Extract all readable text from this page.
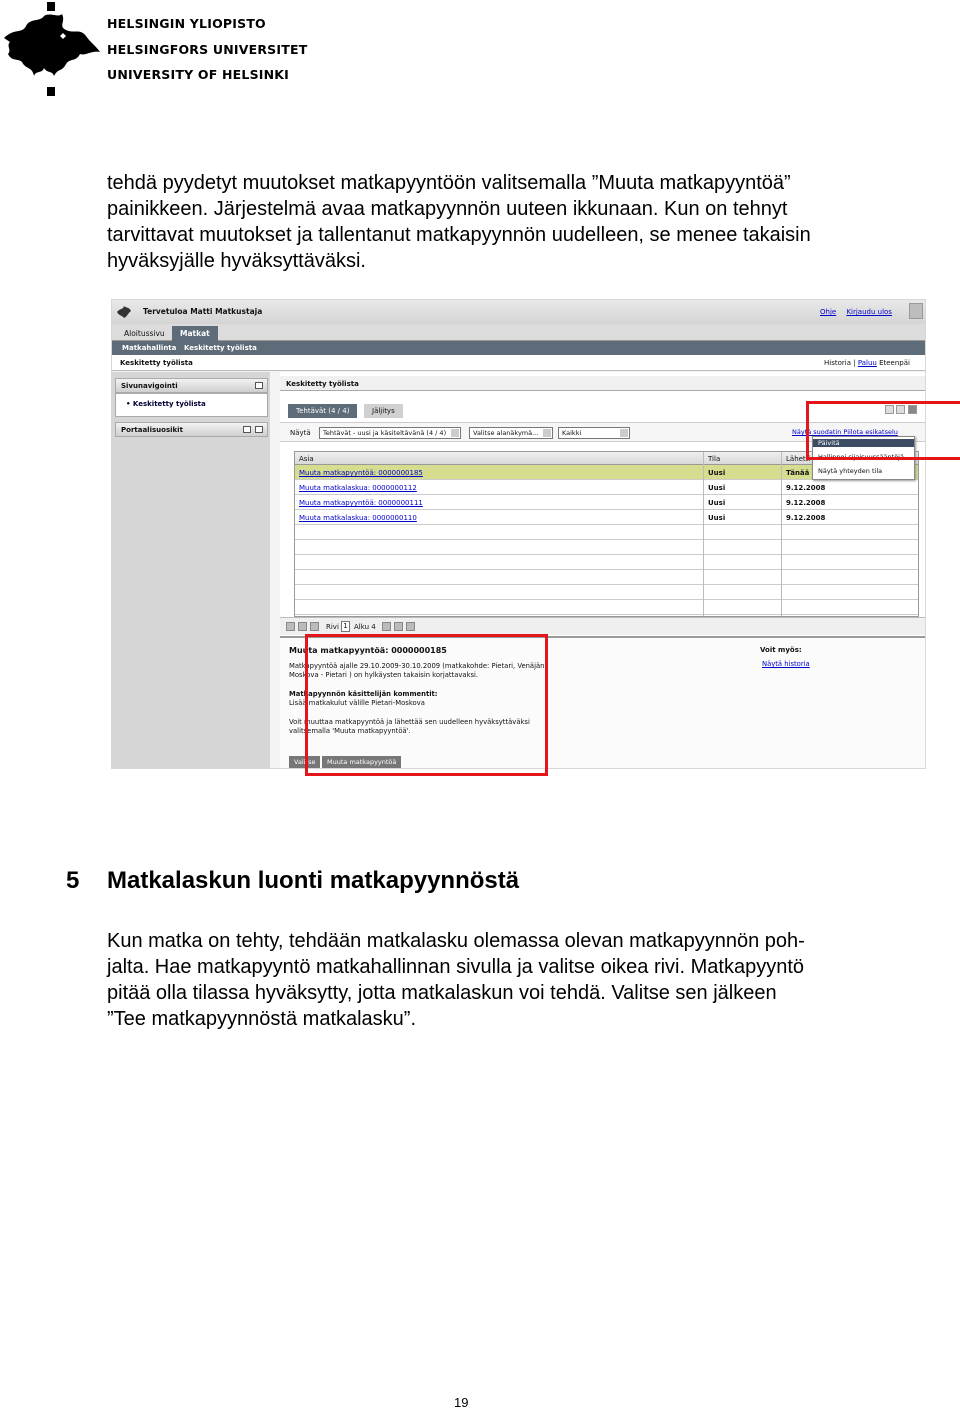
HELSINGIN YLIOPISTO
HELSINGFORS UNIVERSITET
UNIVERSITY OF HELSINKI
tehdä pyydetyt muutokset matkapyyntöön valitsemalla ”Muuta matkapyyntöä”
painikkeen. Järjestelmä avaa matkapyynnön uuteen ikkunaan. Kun on tehnyt
tarvittavat muutokset ja tallentanut matkapyynnön uudelleen, se menee takaisin
hyväksyjälle hyväksyttäväksi.
Tervetuloa Matti Matkustaja	Ohje Kirjaudu ulos
Aloitussivu	Matkat
Matkahallinta Keskitetty työlista
Keskitetty työlista	Historia | Paluu Eteenpäi
Sivunavigointi
• Keskitetty työlista
Portaalisuosikit
Keskitetty työlista
Tehtävät (4 / 4)	Jäljitys
Näytä	Tehtävät - uusi ja käsiteltävänä (4 / 4)	Valitse alanäkymä...	Kaikki	Näytä suodatin Piilota esikatselu
Asia	Tila	Lähetti
Muuta matkapyyntöä: 0000000185	Uusi	Tänää
Muuta matkalaskua: 0000000112	Uusi	9.12.2008
Muuta matkapyyntöä: 0000000111	Uusi	9.12.2008
Muuta matkalaskua: 0000000110	Uusi	9.12.2008
Rivi 1 Alku 4
Muuta matkapyyntöä: 0000000185
Matkapyyntöä ajalle 29.10.2009-30.10.2009 (matkakohde: Pietari, Venäjän
Moskova - Pietari ) on hylkäysten takaisin korjattavaksi.
Matkapyynnön käsittelijän kommentit:
Lisää matkakulut välille Pietari-Moskova
Voit muuttaa matkapyyntöä ja lähettää sen uudelleen hyväksyttäväksi
valitsemalla 'Muuta matkapyyntöä'.
Voit myös:
Näytä historia
Valitse	Muuta matkapyyntöä
Päivitä
Hallinnoi sijaisuussääntöjä
Näytä yhteyden tila
5 Matkalaskun luonti matkapyynnöstä
Kun matka on tehty, tehdään matkalasku olemassa olevan matkapyynnön poh-
jalta. Hae matkapyyntö matkahallinnan sivulla ja valitse oikea rivi. Matkapyyntö
pitää olla tilassa hyväksytty, jotta matkalaskun voi tehdä. Valitse sen jälkeen
”Tee matkapyynnöstä matkalasku”.
19
